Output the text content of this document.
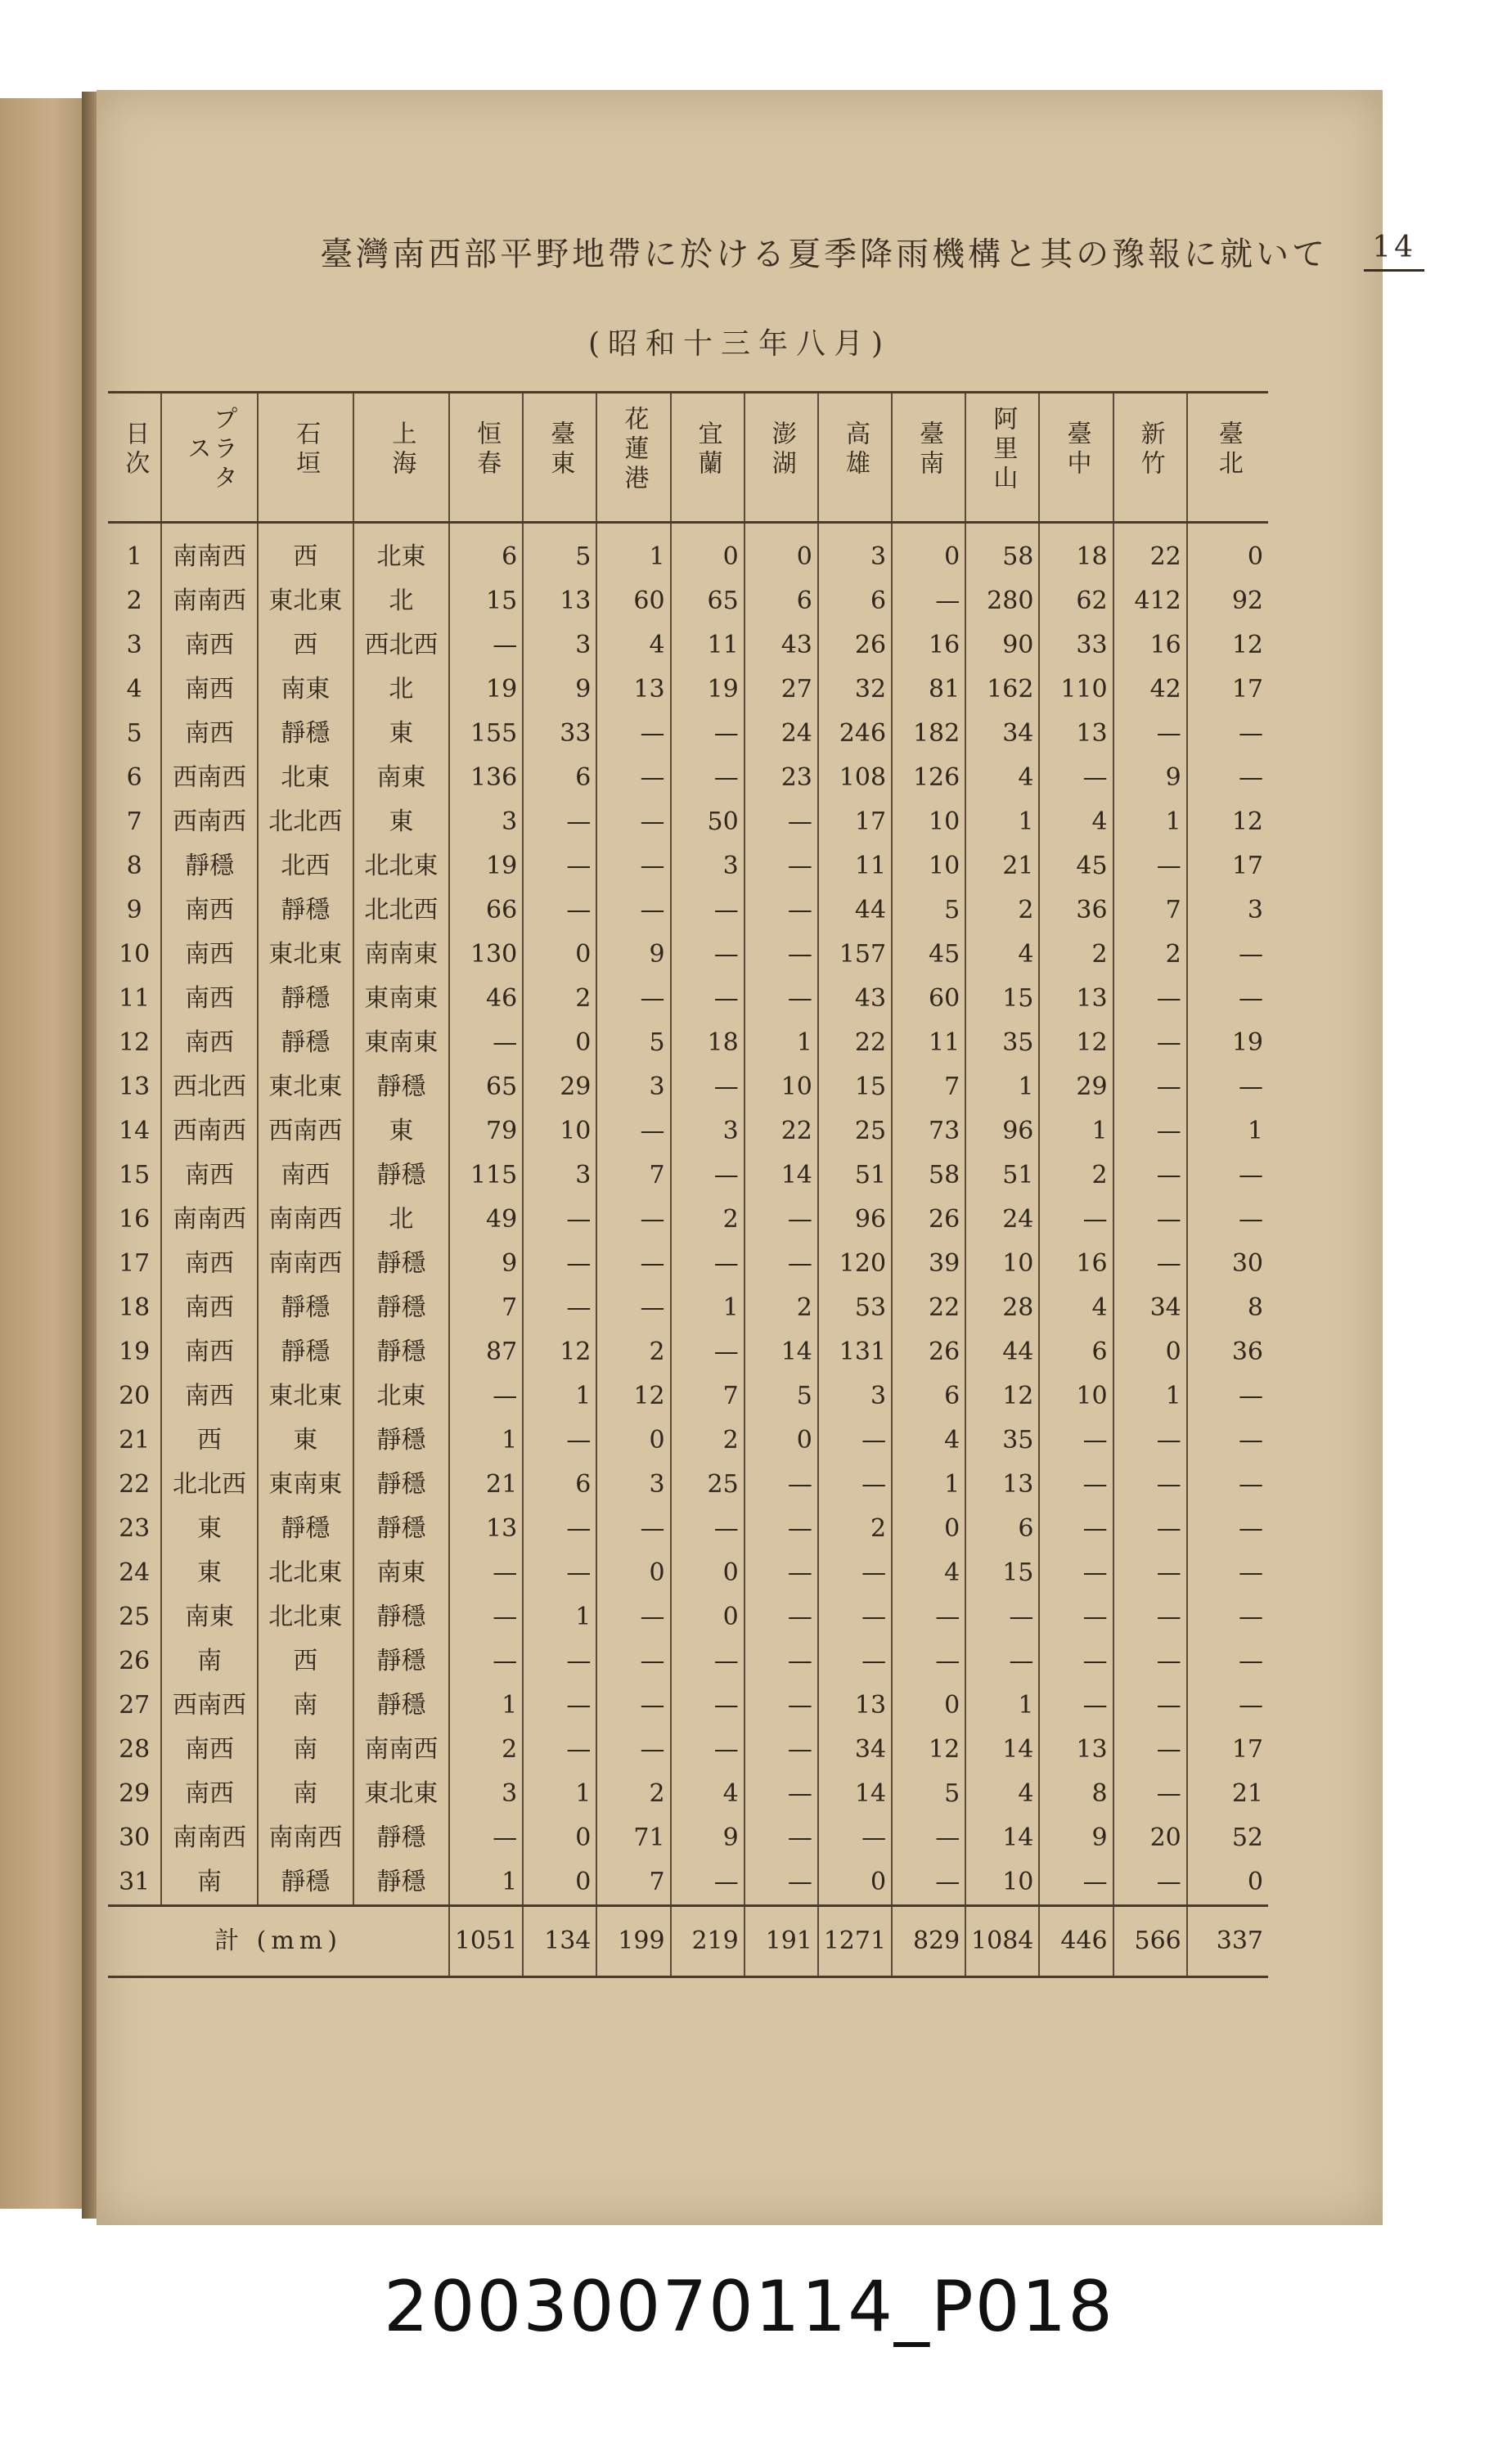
臺灣南西部平野地帶に於ける夏季降雨機構と其の豫報に就いて 14
(昭和十三年八月)
日次	プラタス	石垣	上海	恒春	臺東	花蓮港	宜蘭	澎湖	高雄	臺南	阿里山	臺中	新竹	臺北
1	南南西	西	北東	6	5	1	0	0	3	0	58	18	22	0
2	南南西	東北東	北	15	13	60	65	6	6	—	280	62	412	92
3	南西	西	西北西	—	3	4	11	43	26	16	90	33	16	12
4	南西	南東	北	19	9	13	19	27	32	81	162	110	42	17
5	南西	靜穩	東	155	33	—	—	24	246	182	34	13	—	—
6	西南西	北東	南東	136	6	—	—	23	108	126	4	—	9	—
7	西南西	北北西	東	3	—	—	50	—	17	10	1	4	1	12
8	靜穩	北西	北北東	19	—	—	3	—	11	10	21	45	—	17
9	南西	靜穩	北北西	66	—	—	—	—	44	5	2	36	7	3
10	南西	東北東	南南東	130	0	9	—	—	157	45	4	2	2	—
11	南西	靜穩	東南東	46	2	—	—	—	43	60	15	13	—	—
12	南西	靜穩	東南東	—	0	5	18	1	22	11	35	12	—	19
13	西北西	東北東	靜穩	65	29	3	—	10	15	7	1	29	—	—
14	西南西	西南西	東	79	10	—	3	22	25	73	96	1	—	1
15	南西	南西	靜穩	115	3	7	—	14	51	58	51	2	—	—
16	南南西	南南西	北	49	—	—	2	—	96	26	24	—	—	—
17	南西	南南西	靜穩	9	—	—	—	—	120	39	10	16	—	30
18	南西	靜穩	靜穩	7	—	—	1	2	53	22	28	4	34	8
19	南西	靜穩	靜穩	87	12	2	—	14	131	26	44	6	0	36
20	南西	東北東	北東	—	1	12	7	5	3	6	12	10	1	—
21	西	東	靜穩	1	—	0	2	0	—	4	35	—	—	—
22	北北西	東南東	靜穩	21	6	3	25	—	—	1	13	—	—	—
23	東	靜穩	靜穩	13	—	—	—	—	2	0	6	—	—	—
24	東	北北東	南東	—	—	0	0	—	—	4	15	—	—	—
25	南東	北北東	靜穩	—	1	—	0	—	—	—	—	—	—	—
26	南	西	靜穩	—	—	—	—	—	—	—	—	—	—	—
27	西南西	南	靜穩	1	—	—	—	—	13	0	1	—	—	—
28	南西	南	南南西	2	—	—	—	—	34	12	14	13	—	17
29	南西	南	東北東	3	1	2	4	—	14	5	4	8	—	21
30	南南西	南南西	靜穩	—	0	71	9	—	—	—	14	9	20	52
31	南	靜穩	靜穩	1	0	7	—	—	0	—	10	—	—	0
計 (mm)				1051	134	199	219	191	1271	829	1084	446	566	337
20030070114_P018
